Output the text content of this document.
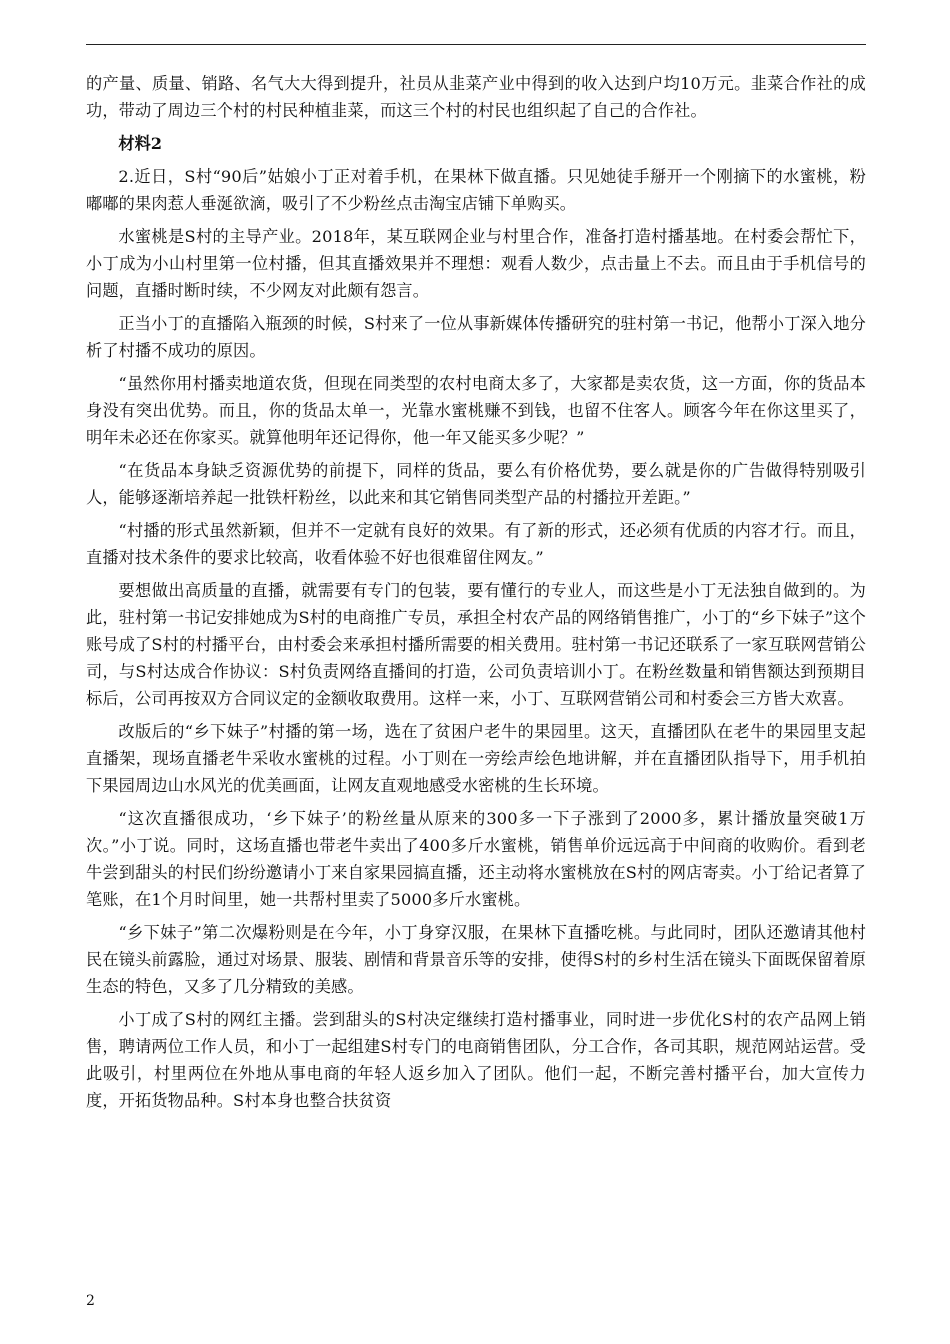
的产量、质量、销路、名气大大得到提升，社员从韭菜产业中得到的收入达到户均10万元。韭菜合作社的成功，带动了周边三个村的村民种植韭菜，而这三个村的村民也组织起了自己的合作社。

材料2

2.近日，S村“90后”姑娘小丁正对着手机，在果林下做直播。只见她徒手掰开一个刚摘下的水蜜桃，粉嘟嘟的果肉惹人垂涎欲滴，吸引了不少粉丝点击淘宝店铺下单购买。

水蜜桃是S村的主导产业。2018年，某互联网企业与村里合作，准备打造村播基地。在村委会帮忙下，小丁成为小山村里第一位村播，但其直播效果并不理想：观看人数少，点击量上不去。而且由于手机信号的问题，直播时断时续，不少网友对此颇有怨言。

正当小丁的直播陷入瓶颈的时候，S村来了一位从事新媒体传播研究的驻村第一书记，他帮小丁深入地分析了村播不成功的原因。

“虽然你用村播卖地道农货，但现在同类型的农村电商太多了，大家都是卖农货，这一方面，你的货品本身没有突出优势。而且，你的货品太单一，光靠水蜜桃赚不到钱，也留不住客人。顾客今年在你这里买了，明年未必还在你家买。就算他明年还记得你，他一年又能买多少呢？”

“在货品本身缺乏资源优势的前提下，同样的货品，要么有价格优势，要么就是你的广告做得特别吸引人，能够逐渐培养起一批铁杆粉丝，以此来和其它销售同类型产品的村播拉开差距。”

“村播的形式虽然新颖，但并不一定就有良好的效果。有了新的形式，还必须有优质的内容才行。而且，直播对技术条件的要求比较高，收看体验不好也很难留住网友。”

要想做出高质量的直播，就需要有专门的包装，要有懂行的专业人，而这些是小丁无法独自做到的。为此，驻村第一书记安排她成为S村的电商推广专员，承担全村农产品的网络销售推广，小丁的“乡下妹子”这个账号成了S村的村播平台，由村委会来承担村播所需要的相关费用。驻村第一书记还联系了一家互联网营销公司，与S村达成合作协议：S村负责网络直播间的打造，公司负责培训小丁。在粉丝数量和销售额达到预期目标后，公司再按双方合同议定的金额收取费用。这样一来，小丁、互联网营销公司和村委会三方皆大欢喜。

改版后的“乡下妹子”村播的第一场，选在了贫困户老牛的果园里。这天，直播团队在老牛的果园里支起直播架，现场直播老牛采收水蜜桃的过程。小丁则在一旁绘声绘色地讲解，并在直播团队指导下，用手机拍下果园周边山水风光的优美画面，让网友直观地感受水密桃的生长环境。

“这次直播很成功，‘乡下妹子’的粉丝量从原来的300多一下子涨到了2000多，累计播放量突破1万次。”小丁说。同时，这场直播也带老牛卖出了400多斤水蜜桃，销售单价远远高于中间商的收购价。看到老牛尝到甜头的村民们纷纷邀请小丁来自家果园搞直播，还主动将水蜜桃放在S村的网店寄卖。小丁给记者算了笔账，在1个月时间里，她一共帮村里卖了5000多斤水蜜桃。

“乡下妹子”第二次爆粉则是在今年，小丁身穿汉服，在果林下直播吃桃。与此同时，团队还邀请其他村民在镜头前露脸，通过对场景、服装、剧情和背景音乐等的安排，使得S村的乡村生活在镜头下面既保留着原生态的特色，又多了几分精致的美感。

小丁成了S村的网红主播。尝到甜头的S村决定继续打造村播事业，同时进一步优化S村的农产品网上销售，聘请两位工作人员，和小丁一起组建S村专门的电商销售团队，分工合作，各司其职，规范网站运营。受此吸引，村里两位在外地从事电商的年轻人返乡加入了团队。他们一起，不断完善村播平台，加大宣传力度，开拓货物品种。S村本身也整合扶贫资

2
